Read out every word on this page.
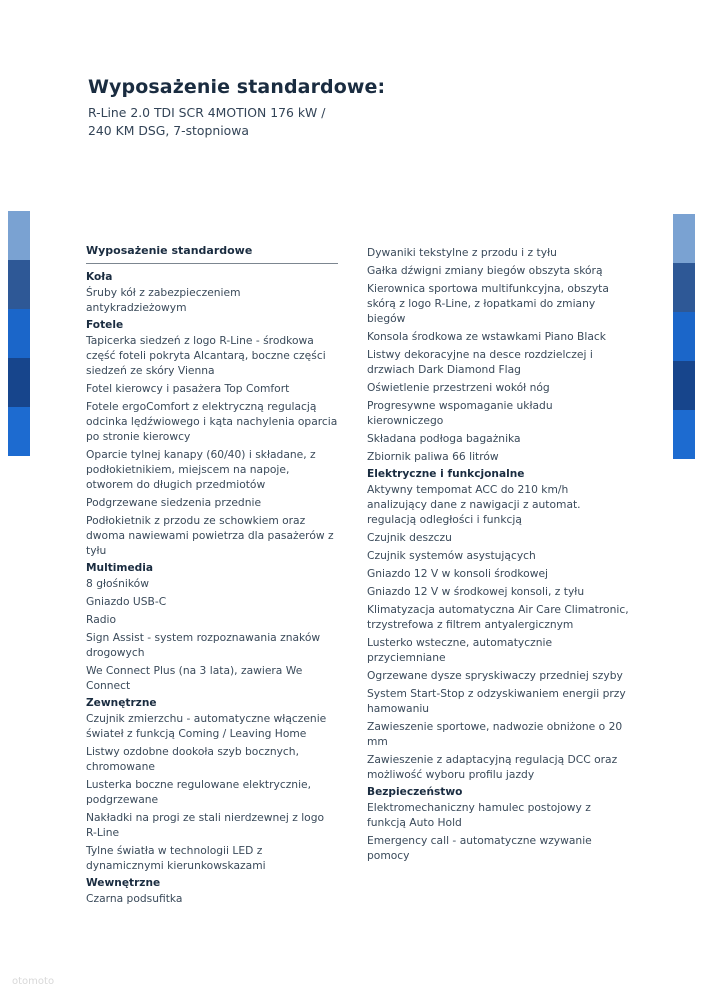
Wyposażenie standardowe:

R-Line 2.0 TDI SCR 4MOTION 176 kW / 240 KM DSG, 7-stopniowa

Wyposażenie standardowe
Koła
Śruby kół z zabezpieczeniem antykradzieżowym
Fotele
Tapicerka siedzeń z logo R-Line - środkowa część foteli pokryta Alcantarą, boczne części siedzeń ze skóry Vienna
Fotel kierowcy i pasażera Top Comfort
Fotele ergoComfort z elektryczną regulacją odcinka lędźwiowego i kąta nachylenia oparcia po stronie kierowcy
Oparcie tylnej kanapy (60/40) i składane, z podłokietnikiem, miejscem na napoje, otworem do długich przedmiotów
Podgrzewane siedzenia przednie
Podłokietnik z przodu ze schowkiem oraz dwoma nawiewami powietrza dla pasażerów z tyłu
Multimedia
8 głośników
Gniazdo USB-C
Radio
Sign Assist - system rozpoznawania znaków drogowych
We Connect Plus (na 3 lata), zawiera We Connect
Zewnętrzne
Czujnik zmierzchu - automatyczne włączenie świateł z funkcją Coming / Leaving Home
Listwy ozdobne dookoła szyb bocznych, chromowane
Lusterka boczne regulowane elektrycznie, podgrzewane
Nakładki na progi ze stali nierdzewnej z logo R-Line
Tylne światła w technologii LED z dynamicznymi kierunkowskazami
Wewnętrzne
Czarna podsufitka
Dywaniki tekstylne z przodu i z tyłu
Gałka dźwigni zmiany biegów obszyta skórą
Kierownica sportowa multifunkcyjna, obszyta skórą z logo R-Line, z łopatkami do zmiany biegów
Konsola środkowa ze wstawkami Piano Black
Listwy dekoracyjne na desce rozdzielczej i drzwiach Dark Diamond Flag
Oświetlenie przestrzeni wokół nóg
Progresywne wspomaganie układu kierowniczego
Składana podłoga bagażnika
Zbiornik paliwa 66 litrów
Elektryczne i funkcjonalne
Aktywny tempomat ACC do 210 km/h analizujący dane z nawigacji z automat. regulacją odległości i funkcją
Czujnik deszczu
Czujnik systemów asystujących
Gniazdo 12 V w konsoli środkowej
Gniazdo 12 V w środkowej konsoli, z tyłu
Klimatyzacja automatyczna Air Care Climatronic, trzystrefowa z filtrem antyalergicznym
Lusterko wsteczne, automatycznie przyciemniane
Ogrzewane dysze spryskiwaczy przedniej szyby
System Start-Stop z odzyskiwaniem energii przy hamowaniu
Zawieszenie sportowe, nadwozie obniżone o 20 mm
Zawieszenie z adaptacyjną regulacją DCC oraz możliwość wyboru profilu jazdy
Bezpieczeństwo
Elektromechaniczny hamulec postojowy z funkcją Auto Hold
Emergency call - automatyczne wzywanie pomocy
otomoto
